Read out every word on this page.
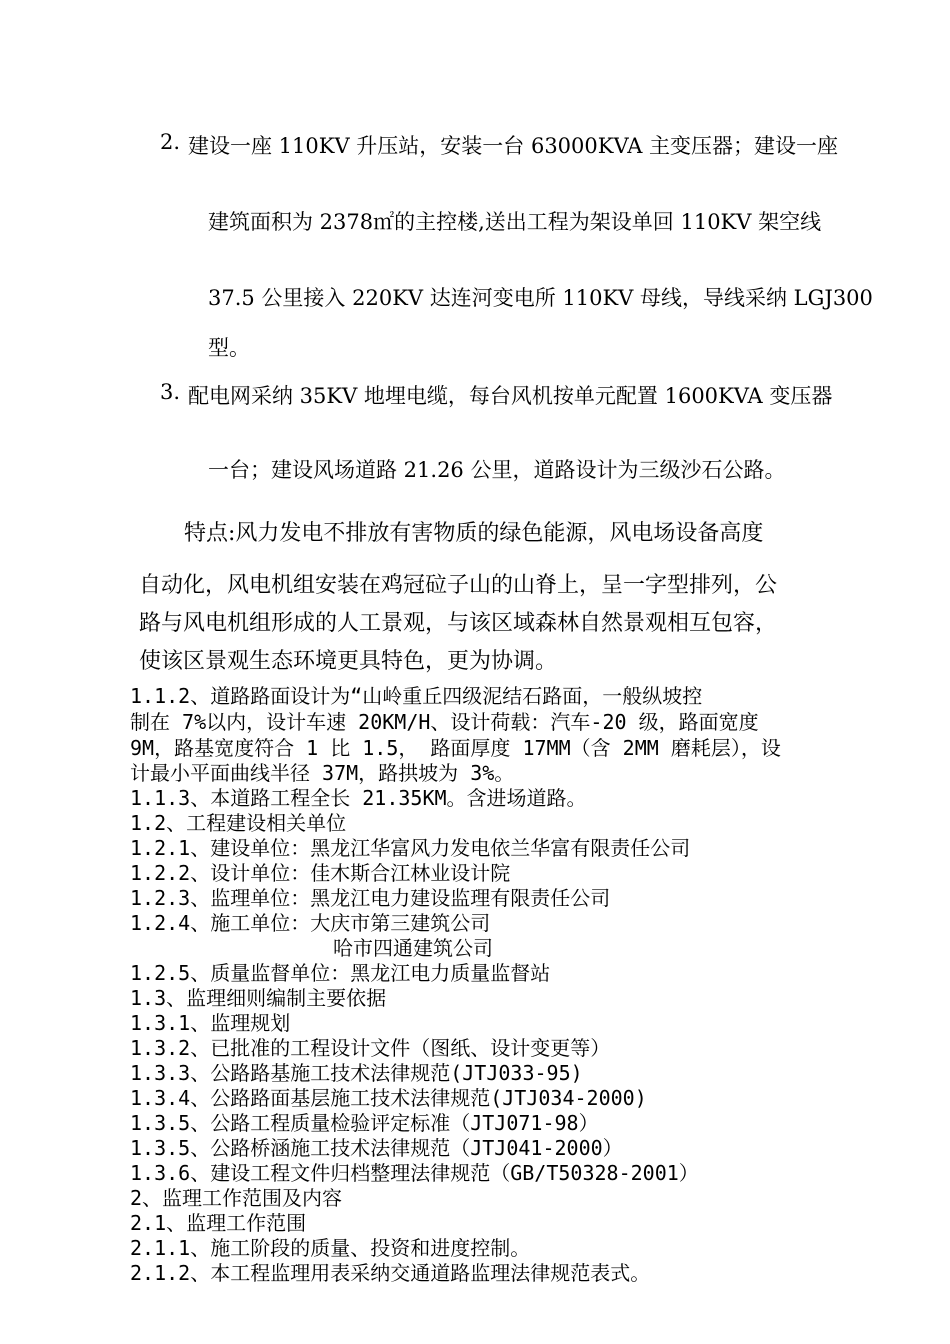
2. 建设一座 110KV 升压站，安装一台 63000KVA 主变压器；建设一座
建筑面积为 2378㎡的主控楼,送出工程为架设单回 110KV 架空线
37.5 公里接入 220KV 达连河变电所 110KV 母线，导线采纳 LGJ300
型。
3. 配电网采纳 35KV 地埋电缆，每台风机按单元配置 1600KVA 变压器
一台；建设风场道路 21.26 公里，道路设计为三级沙石公路。
特点:风力发电不排放有害物质的绿色能源，风电场设备高度
自动化，风电机组安装在鸡冠砬子山的山脊上，呈一字型排列，公
路与风电机组形成的人工景观，与该区域森林自然景观相互包容，
使该区景观生态环境更具特色，更为协调。
1.1.2、道路路面设计为“山岭重丘四级泥结石路面，一般纵坡控
制在 7%以内，设计车速 20KM/H、设计荷载：汽车-20 级，路面宽度
9M，路基宽度符合 1 比 1.5， 路面厚度 17MM（含 2MM 磨耗层），设
计最小平面曲线半径 37M，路拱坡为 3%。
1.1.3、本道路工程全长 21.35KM。含进场道路。
1.2、工程建设相关单位
1.2.1、建设单位：黑龙江华富风力发电依兰华富有限责任公司
1.2.2、设计单位：佳木斯合江林业设计院
1.2.3、监理单位：黑龙江电力建设监理有限责任公司
1.2.4、施工单位：大庆市第三建筑公司
哈市四通建筑公司
1.2.5、质量监督单位：黑龙江电力质量监督站
1.3、监理细则编制主要依据
1.3.1、监理规划
1.3.2、已批准的工程设计文件（图纸、设计变更等）
1.3.3、公路路基施工技术法律规范(JTJ033-95)
1.3.4、公路路面基层施工技术法律规范(JTJ034-2000)
1.3.5、公路工程质量检验评定标准（JTJ071-98）
1.3.5、公路桥涵施工技术法律规范（JTJ041-2000）
1.3.6、建设工程文件归档整理法律规范（GB/T50328-2001）
2、监理工作范围及内容
2.1、监理工作范围
2.1.1、施工阶段的质量、投资和进度控制。
2.1.2、本工程监理用表采纳交通道路监理法律规范表式。
